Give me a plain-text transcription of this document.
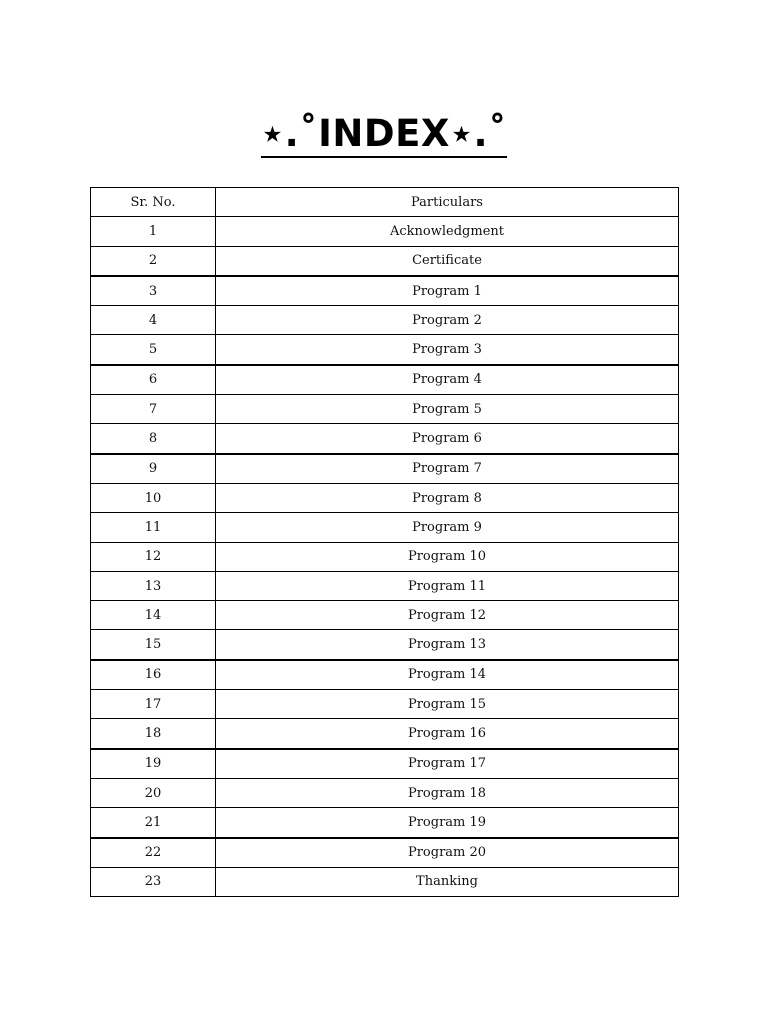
⋆.˚INDEX⋆.˚
Sr. No.	Particulars
1	Acknowledgment
2	Certificate
3	Program 1
4	Program 2
5	Program 3
6	Program 4
7	Program 5
8	Program 6
9	Program 7
10	Program 8
11	Program 9
12	Program 10
13	Program 11
14	Program 12
15	Program 13
16	Program 14
17	Program 15
18	Program 16
19	Program 17
20	Program 18
21	Program 19
22	Program 20
23	Thanking
